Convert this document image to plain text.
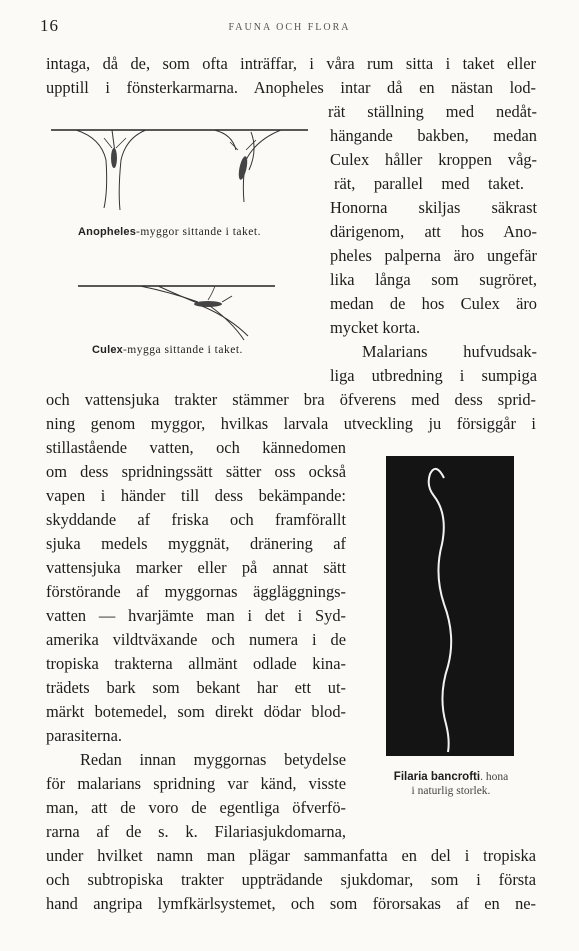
16	FAUNA OCH FLORA
Anopheles-myggor sittande i taket.
Culex-mygga sittande i taket.
Filaria bancrofti. hona
i naturlig storlek.
intaga, då de, som ofta inträffar, i våra rum sitta i taket eller
upptill i fönsterkarmarna. Anopheles intar då en nästan lod-
rät ställning med nedåt-
hängande bakben, medan
Culex håller kroppen våg-
rät, parallel med taket.
Honorna skiljas säkrast
därigenom, att hos Ano-
pheles palperna äro ungefär
lika långa som sugröret,
medan de hos Culex äro
mycket korta.
Malarians hufvudsak-
liga utbredning i sumpiga
och vattensjuka trakter stämmer bra öfverens med dess sprid-
ning genom myggor, hvilkas larvala utveckling ju försiggår i
stillastående vatten, och kännedomen
om dess spridningssätt sätter oss också
vapen i händer till dess bekämpande:
skyddande af friska och framförallt
sjuka medels myggnät, dränering af
vattensjuka marker eller på annat sätt
förstörande af myggornas äggläggnings-
vatten — hvarjämte man i det i Syd-
amerika vildtväxande och numera i de
tropiska trakterna allmänt odlade kina-
trädets bark som bekant har ett ut-
märkt botemedel, som direkt dödar blod-
parasiterna.
Redan innan myggornas betydelse
för malarians spridning var känd, visste
man, att de voro de egentliga öfverfö-
rarna af de s. k. Filariasjukdomarna,
under hvilket namn man plägar sammanfatta en del i tropiska
och subtropiska trakter uppträdande sjukdomar, som i första
hand angripa lymfkärlsystemet, och som förorsakas af en ne-
